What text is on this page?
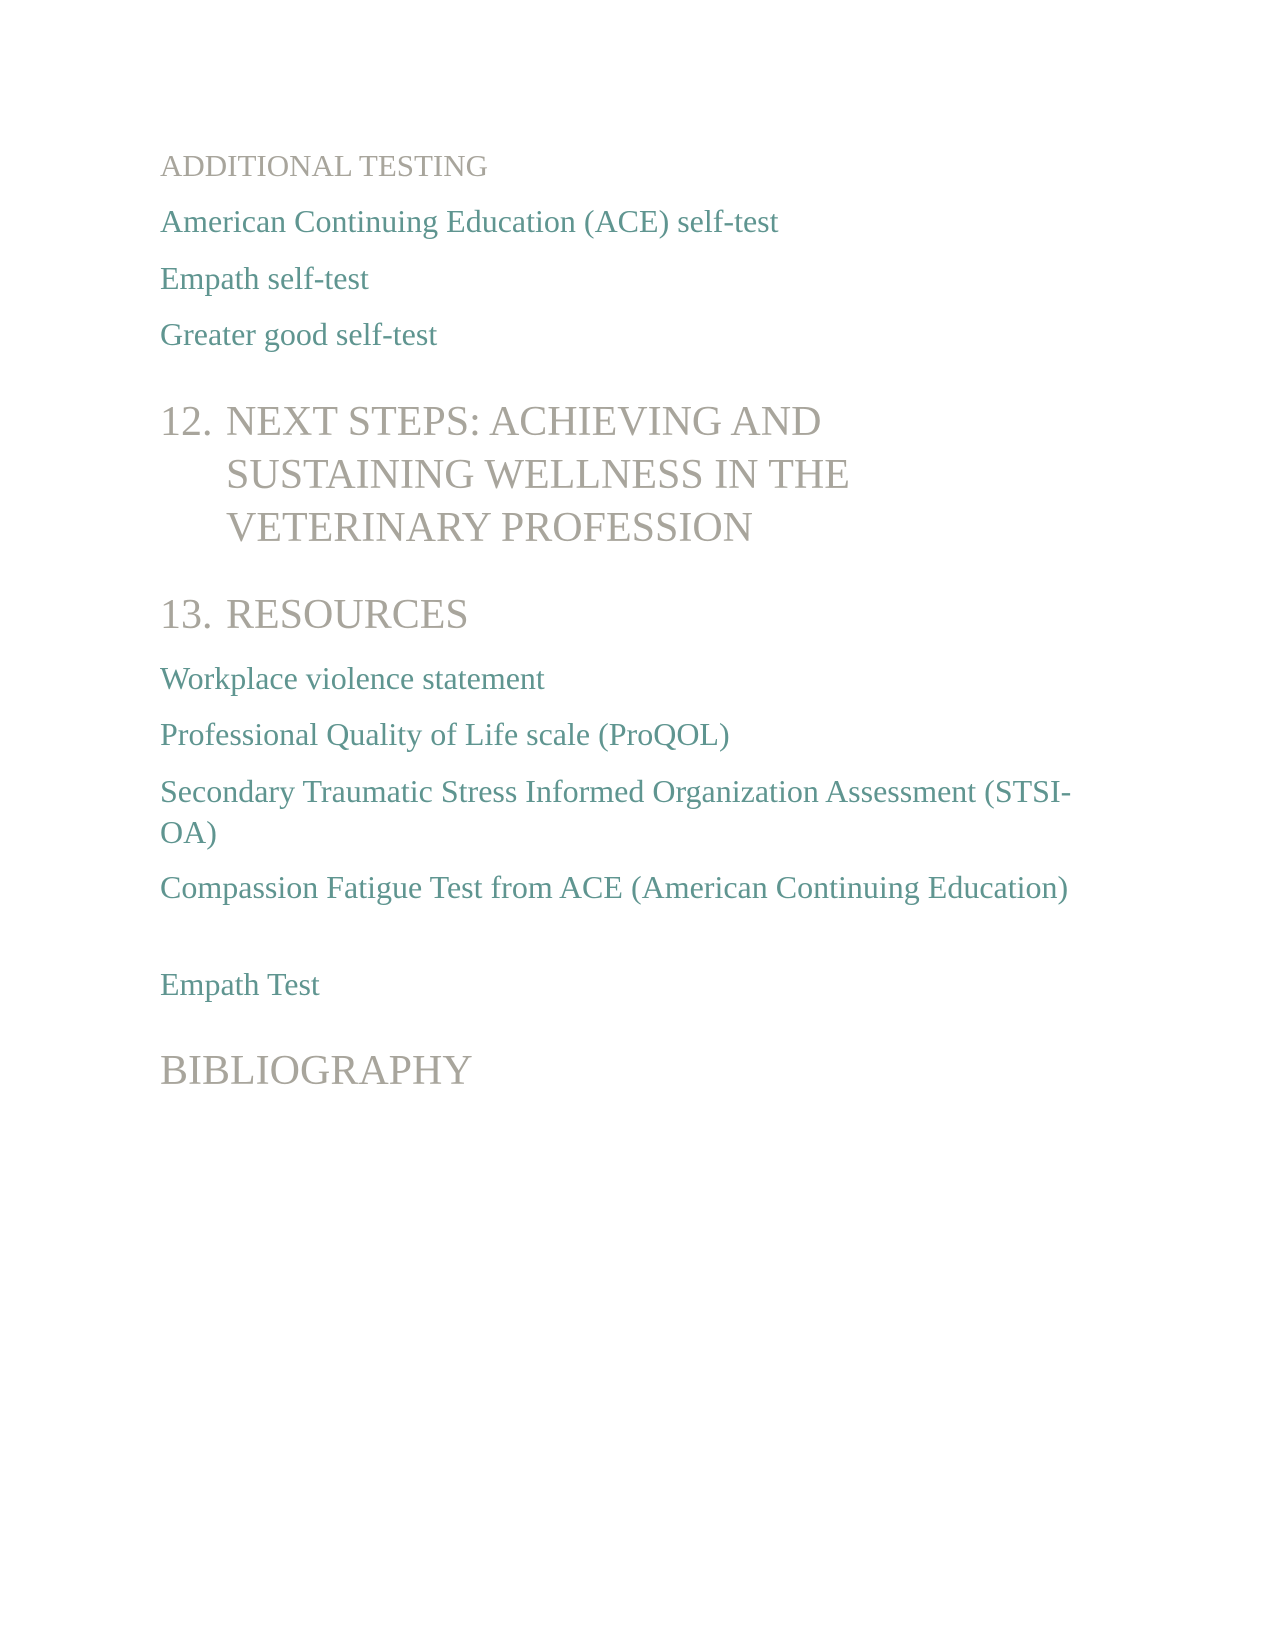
ADDITIONAL TESTING
American Continuing Education (ACE) self-test
Empath self-test
Greater good self-test
12. NEXT STEPS: ACHIEVING AND SUSTAINING WELLNESS IN THE VETERINARY PROFESSION
13. RESOURCES
Workplace violence statement
Professional Quality of Life scale (ProQOL)
Secondary Traumatic Stress Informed Organization Assessment (STSI-OA)
Compassion Fatigue Test from ACE (American Continuing Education)
Empath Test
BIBLIOGRAPHY
